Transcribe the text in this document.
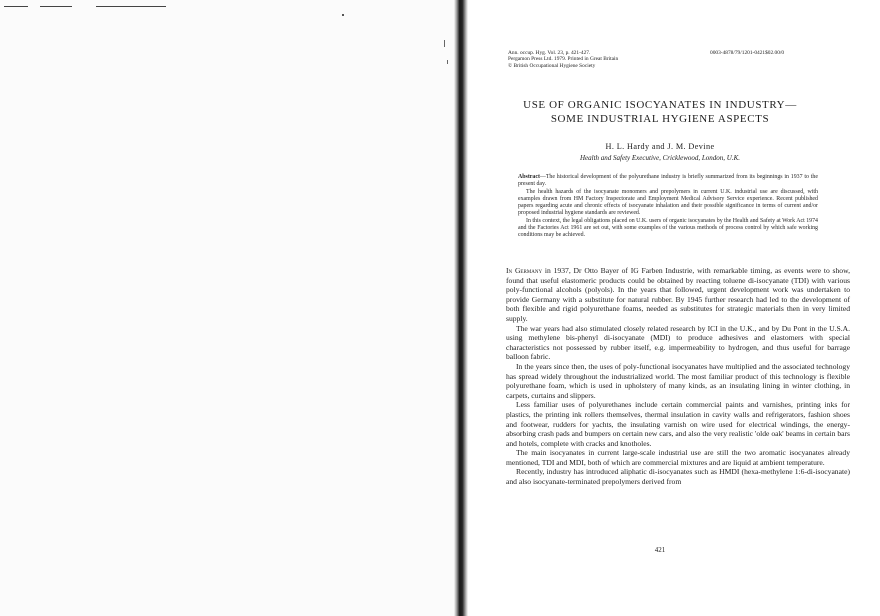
Ann. occup. Hyg. Vol. 23, p. 421-427.
Pergamon Press Ltd. 1979. Printed in Great Britain
© British Occupational Hygiene Society
0003-4878/79/1201-0421$02.00/0
USE OF ORGANIC ISOCYANATES IN INDUSTRY—
SOME INDUSTRIAL HYGIENE ASPECTS
H. L. Hardy and J. M. Devine
Health and Safety Executive, Cricklewood, London, U.K.

Abstract—The historical development of the polyurethane industry is briefly summarized from its beginnings in 1937 to the present day.

The health hazards of the isocyanate monomers and prepolymers in current U.K. industrial use are discussed, with examples drawn from HM Factory Inspectorate and Employment Medical Advisory Service experience. Recent published papers regarding acute and chronic effects of isocyanate inhalation and their possible significance in terms of current and/or proposed industrial hygiene standards are reviewed.

In this context, the legal obligations placed on U.K. users of organic isocyanates by the Health and Safety at Work Act 1974 and the Factories Act 1961 are set out, with some examples of the various methods of process control by which safe working conditions may be achieved.

In Germany in 1937, Dr Otto Bayer of IG Farben Industrie, with remarkable timing, as events were to show, found that useful elastomeric products could be obtained by reacting toluene di-isocyanate (TDI) with various poly-functional alcohols (polyols). In the years that followed, urgent development work was undertaken to provide Germany with a substitute for natural rubber. By 1945 further research had led to the development of both flexible and rigid polyurethane foams, needed as substitutes for strategic materials then in very limited supply.

The war years had also stimulated closely related research by ICI in the U.K., and by Du Pont in the U.S.A. using methylene bis-phenyl di-isocyanate (MDI) to produce adhesives and elastomers with special characteristics not possessed by rubber itself, e.g. impermeability to hydrogen, and thus useful for barrage balloon fabric.

In the years since then, the uses of poly-functional isocyanates have multiplied and the associated technology has spread widely throughout the industrialized world. The most familiar product of this technology is flexible polyurethane foam, which is used in upholstery of many kinds, as an insulating lining in winter clothing, in carpets, curtains and slippers.

Less familiar uses of polyurethanes include certain commercial paints and varnishes, printing inks for plastics, the printing ink rollers themselves, thermal insulation in cavity walls and refrigerators, fashion shoes and footwear, rudders for yachts, the insulating varnish on wire used for electrical windings, the energy-absorbing crash pads and bumpers on certain new cars, and also the very realistic 'olde oak' beams in certain bars and hotels, complete with cracks and knotholes.

The main isocyanates in current large-scale industrial use are still the two aromatic isocyanates already mentioned, TDI and MDI, both of which are commercial mixtures and are liquid at ambient temperature.

Recently, industry has introduced aliphatic di-isocyanates such as HMDI (hexa-methylene 1:6-di-isocyanate) and also isocyanate-terminated prepolymers derived from

421
